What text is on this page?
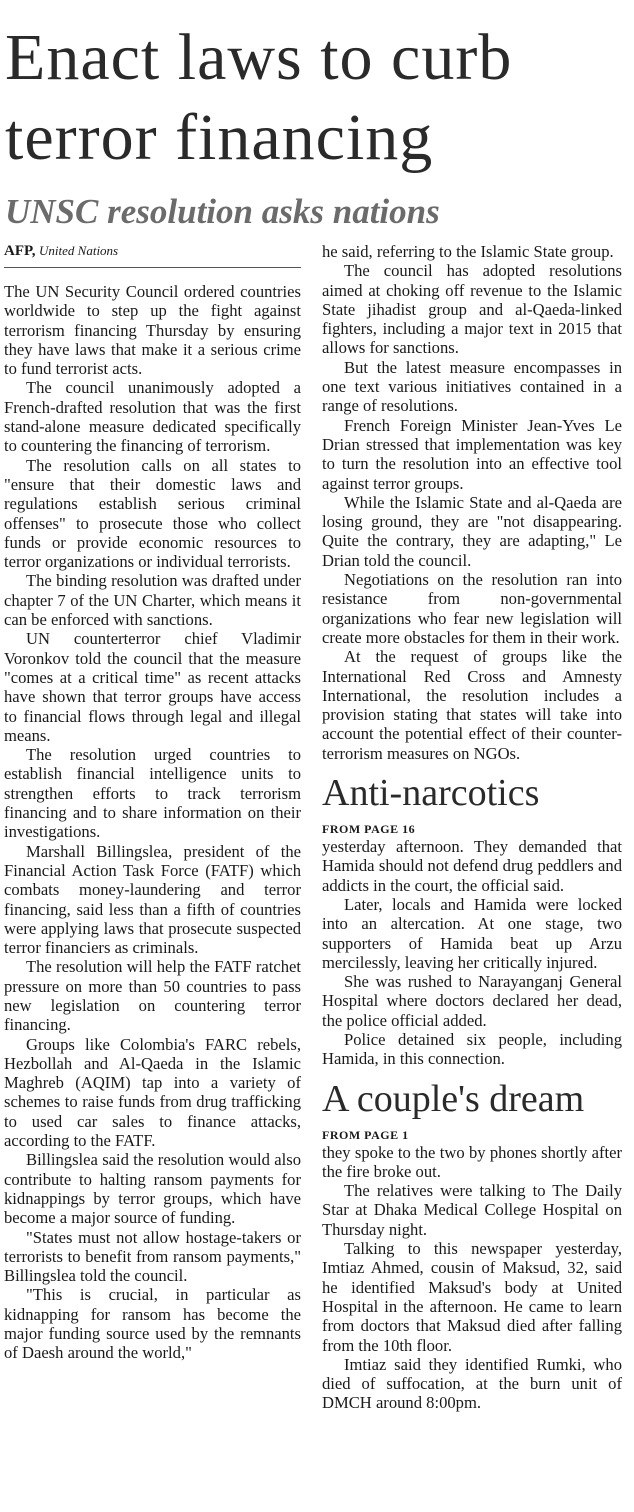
Enact laws to curb terror financing
UNSC resolution asks nations
AFP, United Nations

The UN Security Council ordered countries worldwide to step up the fight against terrorism financing Thursday by ensuring they have laws that make it a serious crime to fund terrorist acts.

The council unanimously adopted a French-drafted resolution that was the first stand-alone measure dedicated specifically to countering the financing of terrorism.

The resolution calls on all states to "ensure that their domestic laws and regulations establish serious criminal offenses" to prosecute those who collect funds or provide economic resources to terror organizations or individual terrorists.

The binding resolution was drafted under chapter 7 of the UN Charter, which means it can be enforced with sanctions.

UN counterterror chief Vladimir Voronkov told the council that the measure "comes at a critical time" as recent attacks have shown that terror groups have access to financial flows through legal and illegal means.

The resolution urged countries to establish financial intelligence units to strengthen efforts to track terrorism financing and to share information on their investigations.

Marshall Billingslea, president of the Financial Action Task Force (FATF) which combats money-laundering and terror financing, said less than a fifth of countries were applying laws that prosecute suspected terror financiers as criminals.

The resolution will help the FATF ratchet pressure on more than 50 countries to pass new legislation on countering terror financing.

Groups like Colombia's FARC rebels, Hezbollah and Al-Qaeda in the Islamic Maghreb (AQIM) tap into a variety of schemes to raise funds from drug trafficking to used car sales to finance attacks, according to the FATF.

Billingslea said the resolution would also contribute to halting ransom payments for kidnappings by terror groups, which have become a major source of funding.

"States must not allow hostage-takers or terrorists to benefit from ransom payments," Billingslea told the council.

"This is crucial, in particular as kidnapping for ransom has become the major funding source used by the remnants of Daesh around the world,"

he said, referring to the Islamic State group.

The council has adopted resolutions aimed at choking off revenue to the Islamic State jihadist group and al-Qaeda-linked fighters, including a major text in 2015 that allows for sanctions.

But the latest measure encompasses in one text various initiatives contained in a range of resolutions.

French Foreign Minister Jean-Yves Le Drian stressed that implementation was key to turn the resolution into an effective tool against terror groups.

While the Islamic State and al-Qaeda are losing ground, they are "not disappearing. Quite the contrary, they are adapting," Le Drian told the council.

Negotiations on the resolution ran into resistance from non-governmental organizations who fear new legislation will create more obstacles for them in their work.

At the request of groups like the International Red Cross and Amnesty International, the resolution includes a provision stating that states will take into account the potential effect of their counter-terrorism measures on NGOs.

Anti-narcotics

FROM PAGE 16

yesterday afternoon. They demanded that Hamida should not defend drug peddlers and addicts in the court, the official said.

Later, locals and Hamida were locked into an altercation. At one stage, two supporters of Hamida beat up Arzu mercilessly, leaving her critically injured.

She was rushed to Narayanganj General Hospital where doctors declared her dead, the police official added.

Police detained six people, including Hamida, in this connection.

A couple's dream

FROM PAGE 1

they spoke to the two by phones shortly after the fire broke out.

The relatives were talking to The Daily Star at Dhaka Medical College Hospital on Thursday night.

Talking to this newspaper yesterday, Imtiaz Ahmed, cousin of Maksud, 32, said he identified Maksud's body at United Hospital in the afternoon. He came to learn from doctors that Maksud died after falling from the 10th floor.

Imtiaz said they identified Rumki, who died of suffocation, at the burn unit of DMCH around 8:00pm.
